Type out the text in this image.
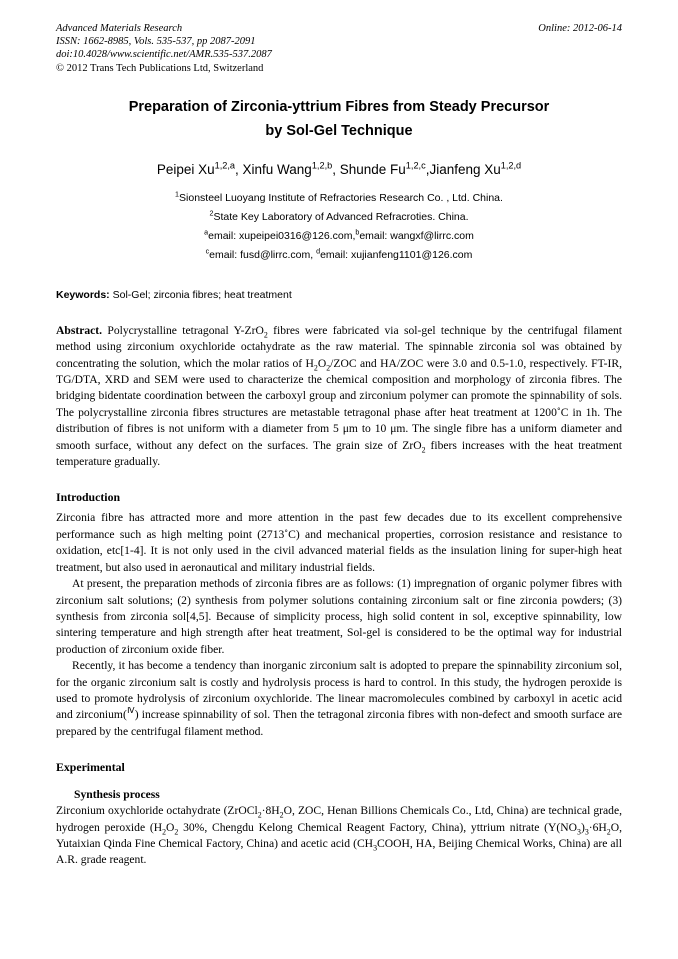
Advanced Materials Research
ISSN: 1662-8985, Vols. 535-537, pp 2087-2091
doi:10.4028/www.scientific.net/AMR.535-537.2087
© 2012 Trans Tech Publications Ltd, Switzerland
Online: 2012-06-14
Preparation of Zirconia-yttrium Fibres from Steady Precursor
by Sol-Gel Technique
Peipei Xu$^{1,2,a}$, Xinfu Wang$^{1,2,b}$, Shunde Fu$^{1,2,c}$,Jianfeng Xu$^{1,2,d}$
$^1$Sionsteel Luoyang Institute of Refractories Research Co. , Ltd. China.
$^2$State Key Laboratory of Advanced Refracroties. China.
$^a$email: xupeipei0316@126.com,$^b$email: wangxf@lirrc.com
$^c$email: fusd@lirrc.com, $^d$email: xujianfeng1101@126.com
Keywords: Sol-Gel; zirconia fibres; heat treatment
Abstract. Polycrystalline tetragonal Y-ZrO$_2$ fibres were fabricated via sol-gel technique by the centrifugal filament method using zirconium oxychloride octahydrate as the raw material. The spinnable zirconia sol was obtained by concentrating the solution, which the molar ratios of $H_2O_2$/ZOC and HA/ZOC were 3.0 and 0.5-1.0, respectively. FT-IR, TG/DTA, XRD and SEM were used to characterize the chemical composition and morphology of zirconia fibres. The bridging bidentate coordination between the carboxyl group and zirconium polymer can promote the spinnability of sols. The polycrystalline zirconia fibres structures are metastable tetragonal phase after heat treatment at 1200˚C in 1h. The distribution of fibres is not uniform with a diameter from 5 μm to 10 μm. The single fibre has a uniform diameter and smooth surface, without any defect on the surfaces. The grain size of ZrO$_2$ fibers increases with the heat treatment temperature gradually.
Introduction

Zirconia fibre has attracted more and more attention in the past few decades due to its excellent comprehensive performance such as high melting point (2713˚C) and mechanical properties, corrosion resistance and resistance to oxidation, etc[1-4]. It is not only used in the civil advanced material fields as the insulation lining for super-high heat treatment, but also used in aeronautical and military industrial fields.

At present, the preparation methods of zirconia fibres are as follows: (1) impregnation of organic polymer fibres with zirconium salt solutions; (2) synthesis from polymer solutions containing zirconium salt or fine zirconia powders; (3) synthesis from zirconia sol[4,5]. Because of simplicity process, high solid content in sol, exceptive spinnability, low sintering temperature and high strength after heat treatment, Sol-gel is considered to be the optimal way for industrial production of zirconium oxide fiber.

Recently, it has become a tendency than inorganic zirconium salt is adopted to prepare the spinnability zirconium sol, for the organic zirconium salt is costly and hydrolysis process is hard to control. In this study, the hydrogen peroxide is used to promote hydrolysis of zirconium oxychloride. The linear macromolecules combined by carboxyl in acetic acid and zirconium($^Ⅳ$) increase spinnability of sol. Then the tetragonal zirconia fibres with non-defect and smooth surface are prepared by the centrifugal filament method.

Experimental
Synthesis process

Zirconium oxychloride octahydrate ($ZrOCl_2\cdot 8H_2O$, ZOC, Henan Billions Chemicals Co., Ltd, China) are technical grade, hydrogen peroxide ($H_2O_2$ 30%, Chengdu Kelong Chemical Reagent Factory, China), yttrium nitrate ($Y(NO_3)_3\cdot 6H_2O$, Yutaixian Qinda Fine Chemical Factory, China) and acetic acid ($CH_3COOH$, HA, Beijing Chemical Works, China) are all A.R. grade reagent.
